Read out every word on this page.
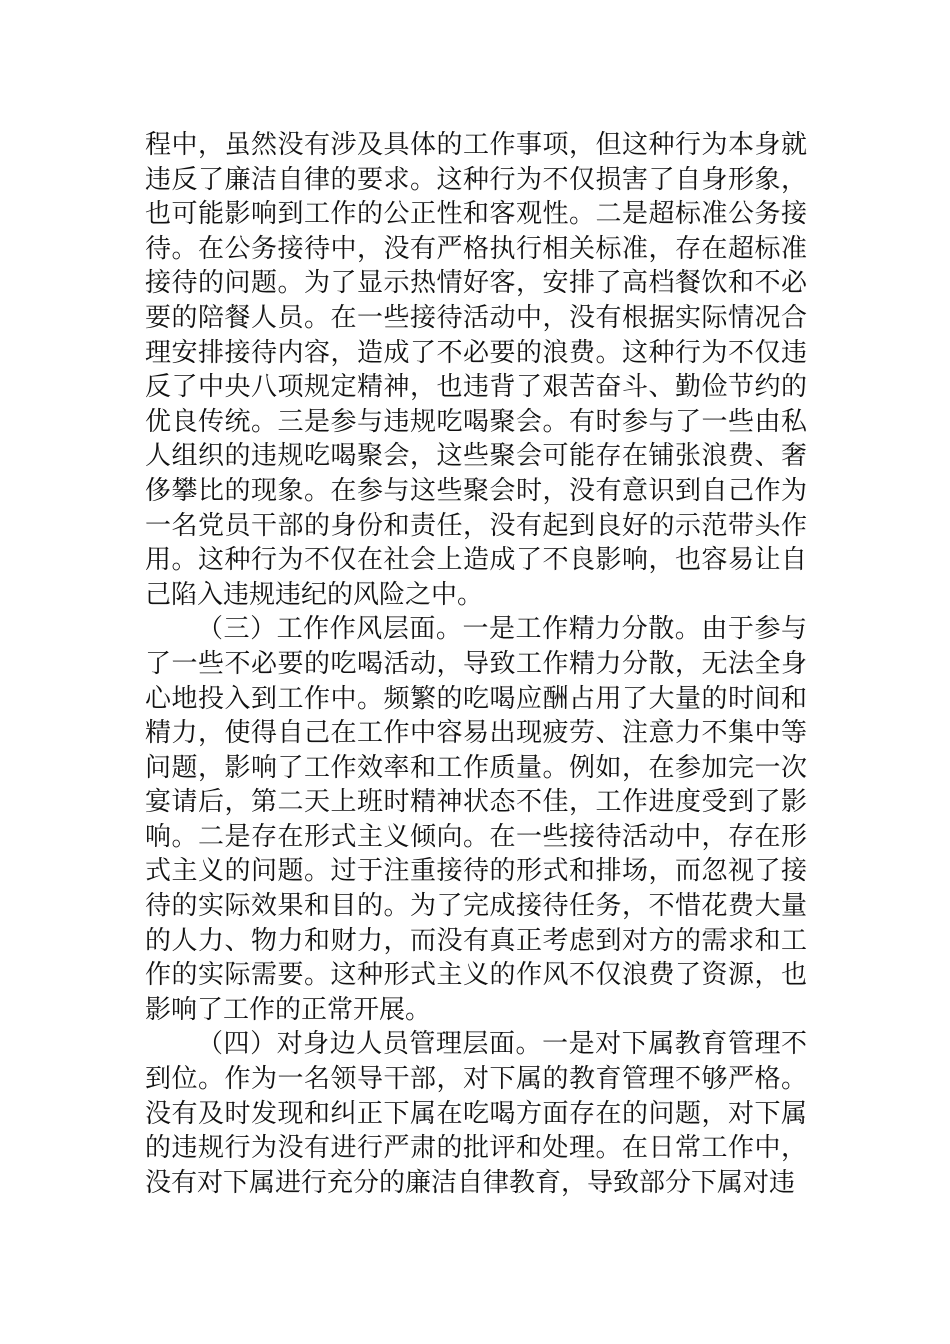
程中，虽然没有涉及具体的工作事项，但这种行为本身就违反了廉洁自律的要求。这种行为不仅损害了自身形象，也可能影响到工作的公正性和客观性。二是超标准公务接待。在公务接待中，没有严格执行相关标准，存在超标准接待的问题。为了显示热情好客，安排了高档餐饮和不必要的陪餐人员。在一些接待活动中，没有根据实际情况合理安排接待内容，造成了不必要的浪费。这种行为不仅违反了中央八项规定精神，也违背了艰苦奋斗、勤俭节约的优良传统。三是参与违规吃喝聚会。有时参与了一些由私人组织的违规吃喝聚会，这些聚会可能存在铺张浪费、奢侈攀比的现象。在参与这些聚会时，没有意识到自己作为一名党员干部的身份和责任，没有起到良好的示范带头作用。这种行为不仅在社会上造成了不良影响，也容易让自己陷入违规违纪的风险之中。

（三）工作作风层面。一是工作精力分散。由于参与了一些不必要的吃喝活动，导致工作精力分散，无法全身心地投入到工作中。频繁的吃喝应酬占用了大量的时间和精力，使得自己在工作中容易出现疲劳、注意力不集中等问题，影响了工作效率和工作质量。例如，在参加完一次宴请后，第二天上班时精神状态不佳，工作进度受到了影响。二是存在形式主义倾向。在一些接待活动中，存在形式主义的问题。过于注重接待的形式和排场，而忽视了接待的实际效果和目的。为了完成接待任务，不惜花费大量的人力、物力和财力，而没有真正考虑到对方的需求和工作的实际需要。这种形式主义的作风不仅浪费了资源，也影响了工作的正常开展。

（四）对身边人员管理层面。一是对下属教育管理不到位。作为一名领导干部，对下属的教育管理不够严格。没有及时发现和纠正下属在吃喝方面存在的问题，对下属的违规行为没有进行严肃的批评和处理。在日常工作中，没有对下属进行充分的廉洁自律教育，导致部分下属对违
